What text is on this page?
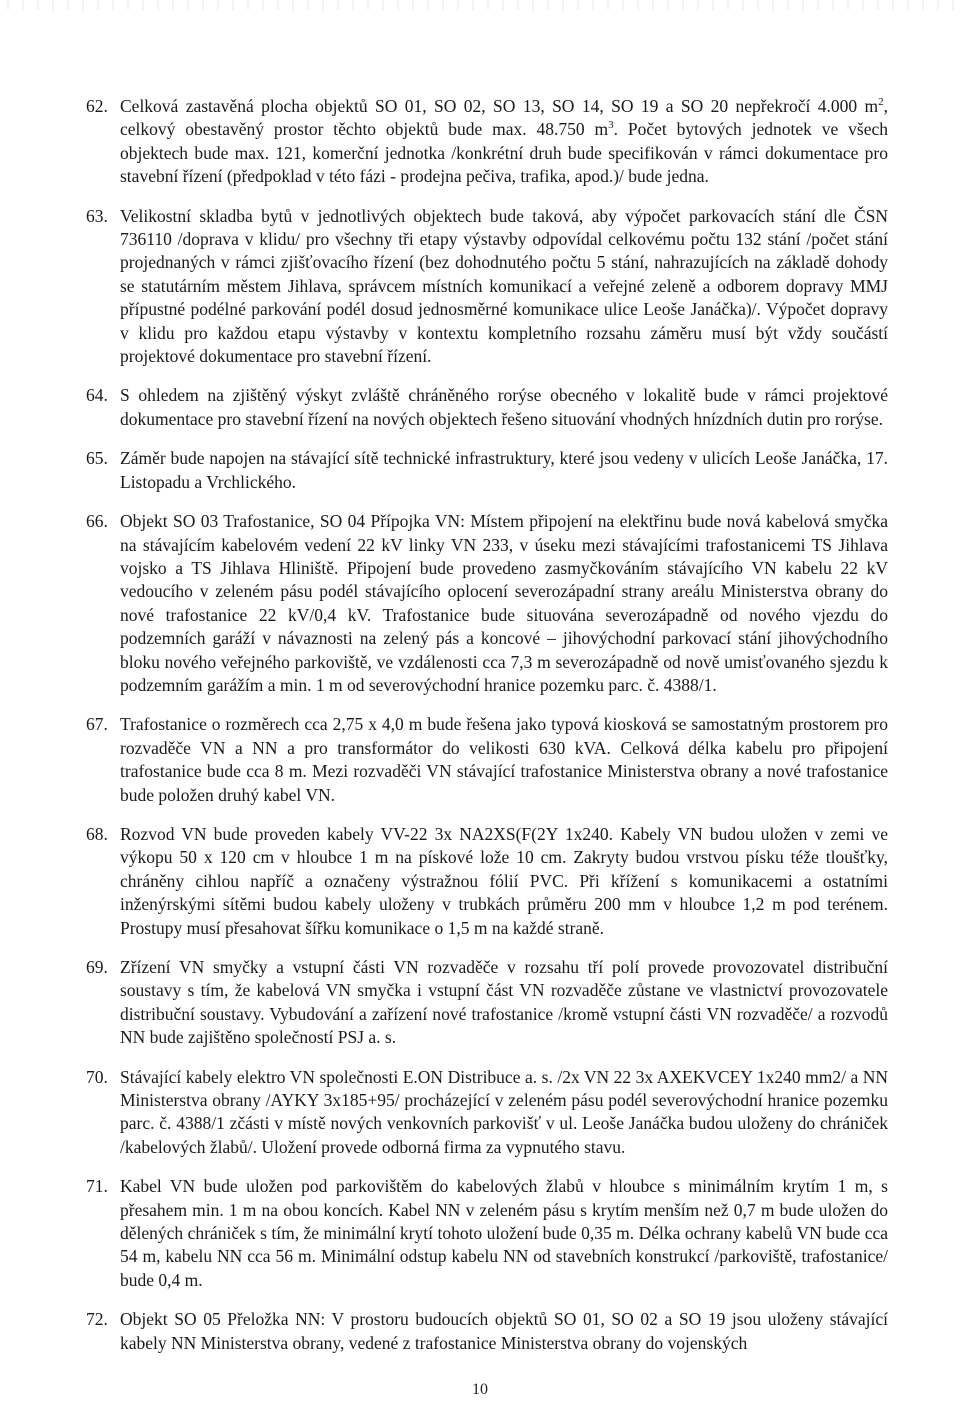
62. Celková zastavěná plocha objektů SO 01, SO 02, SO 13, SO 14, SO 19 a SO 20 nepřekročí 4.000 $m^2$, celkový obestavěný prostor těchto objektů bude max. 48.750 $m^3$. Počet bytových jednotek ve všech objektech bude max. 121, komerční jednotka /konkrétní druh bude specifikován v rámci dokumentace pro stavební řízení (předpoklad v této fázi - prodejna pečiva, trafika, apod.)/ bude jedna.
63. Velikostní skladba bytů v jednotlivých objektech bude taková, aby výpočet parkovacích stání dle ČSN 736110 /doprava v klidu/ pro všechny tři etapy výstavby odpovídal celkovému počtu 132 stání /počet stání projednaných v rámci zjišťovacího řízení (bez dohodnutého počtu 5 stání, nahrazujících na základě dohody se statutárním městem Jihlava, správcem místních komunikací a veřejné zeleně a odborem dopravy MMJ přípustné podélné parkování podél dosud jednosměrné komunikace ulice Leoše Janáčka)/. Výpočet dopravy v klidu pro každou etapu výstavby v kontextu kompletního rozsahu záměru musí být vždy součástí projektové dokumentace pro stavební řízení.
64. S ohledem na zjištěný výskyt zvláště chráněného rorýse obecného v lokalitě bude v rámci projektové dokumentace pro stavební řízení na nových objektech řešeno situování vhodných hnízdních dutin pro rorýse.
65. Záměr bude napojen na stávající sítě technické infrastruktury, které jsou vedeny v ulicích Leoše Janáčka, 17. Listopadu a Vrchlického.
66. Objekt SO 03 Trafostanice, SO 04 Přípojka VN: Místem připojení na elektřinu bude nová kabelová smyčka na stávajícím kabelovém vedení 22 kV linky VN 233, v úseku mezi stávajícími trafostanicemi TS Jihlava vojsko a TS Jihlava Hliniště. Připojení bude provedeno zasmyčkováním stávajícího VN kabelu 22 kV vedoucího v zeleném pásu podél stávajícího oplocení severozápadní strany areálu Ministerstva obrany do nové trafostanice 22 kV/0,4 kV. Trafostanice bude situována severozápadně od nového vjezdu do podzemních garáží v návaznosti na zelený pás a koncové – jihovýchodní parkovací stání jihovýchodního bloku nového veřejného parkoviště, ve vzdálenosti cca 7,3 m severozápadně od nově umisťovaného sjezdu k podzemním garážím a min. 1 m od severovýchodní hranice pozemku parc. č. 4388/1.
67. Trafostanice o rozměrech cca 2,75 x 4,0 m bude řešena jako typová kiosková se samostatným prostorem pro rozvaděče VN a NN a pro transformátor do velikosti 630 kVA. Celková délka kabelu pro připojení trafostanice bude cca 8 m. Mezi rozvaděči VN stávající trafostanice Ministerstva obrany a nové trafostanice bude položen druhý kabel VN.
68. Rozvod VN bude proveden kabely VV-22 3x NA2XS(F(2Y 1x240. Kabely VN budou uložen v zemi ve výkopu 50 x 120 cm v hloubce 1 m na pískové lože 10 cm. Zakryty budou vrstvou písku téže tloušťky, chráněny cihlou napříč a označeny výstražnou fólií PVC. Při křížení s komunikacemi a ostatními inženýrskými sítěmi budou kabely uloženy v trubkách průměru 200 mm v hloubce 1,2 m pod terénem. Prostupy musí přesahovat šířku komunikace o 1,5 m na každé straně.
69. Zřízení VN smyčky a vstupní části VN rozvaděče v rozsahu tří polí provede provozovatel distribuční soustavy s tím, že kabelová VN smyčka i vstupní část VN rozvaděče zůstane ve vlastnictví provozovatele distribuční soustavy. Vybudování a zařízení nové trafostanice /kromě vstupní části VN rozvaděče/ a rozvodů NN bude zajištěno společností PSJ a. s.
70. Stávající kabely elektro VN společnosti E.ON Distribuce a. s. /2x VN 22 3x AXEKVCEY 1x240 mm2/ a NN Ministerstva obrany /AYKY 3x185+95/ procházející v zeleném pásu podél severovýchodní hranice pozemku parc. č. 4388/1 zčásti v místě nových venkovních parkovišť v ul. Leoše Janáčka budou uloženy do chrániček /kabelových žlabů/. Uložení provede odborná firma za vypnutého stavu.
71. Kabel VN bude uložen pod parkovištěm do kabelových žlabů v hloubce s minimálním krytím 1 m, s přesahem min. 1 m na obou koncích. Kabel NN v zeleném pásu s krytím menším než 0,7 m bude uložen do dělených chrániček s tím, že minimální krytí tohoto uložení bude 0,35 m. Délka ochrany kabelů VN bude cca 54 m, kabelu NN cca 56 m. Minimální odstup kabelu NN od stavebních konstrukcí /parkoviště, trafostanice/ bude 0,4 m.
72. Objekt SO 05 Přeložka NN: V prostoru budoucích objektů SO 01, SO 02 a SO 19 jsou uloženy stávající kabely NN Ministerstva obrany, vedené z trafostanice Ministerstva obrany do vojenských
10
